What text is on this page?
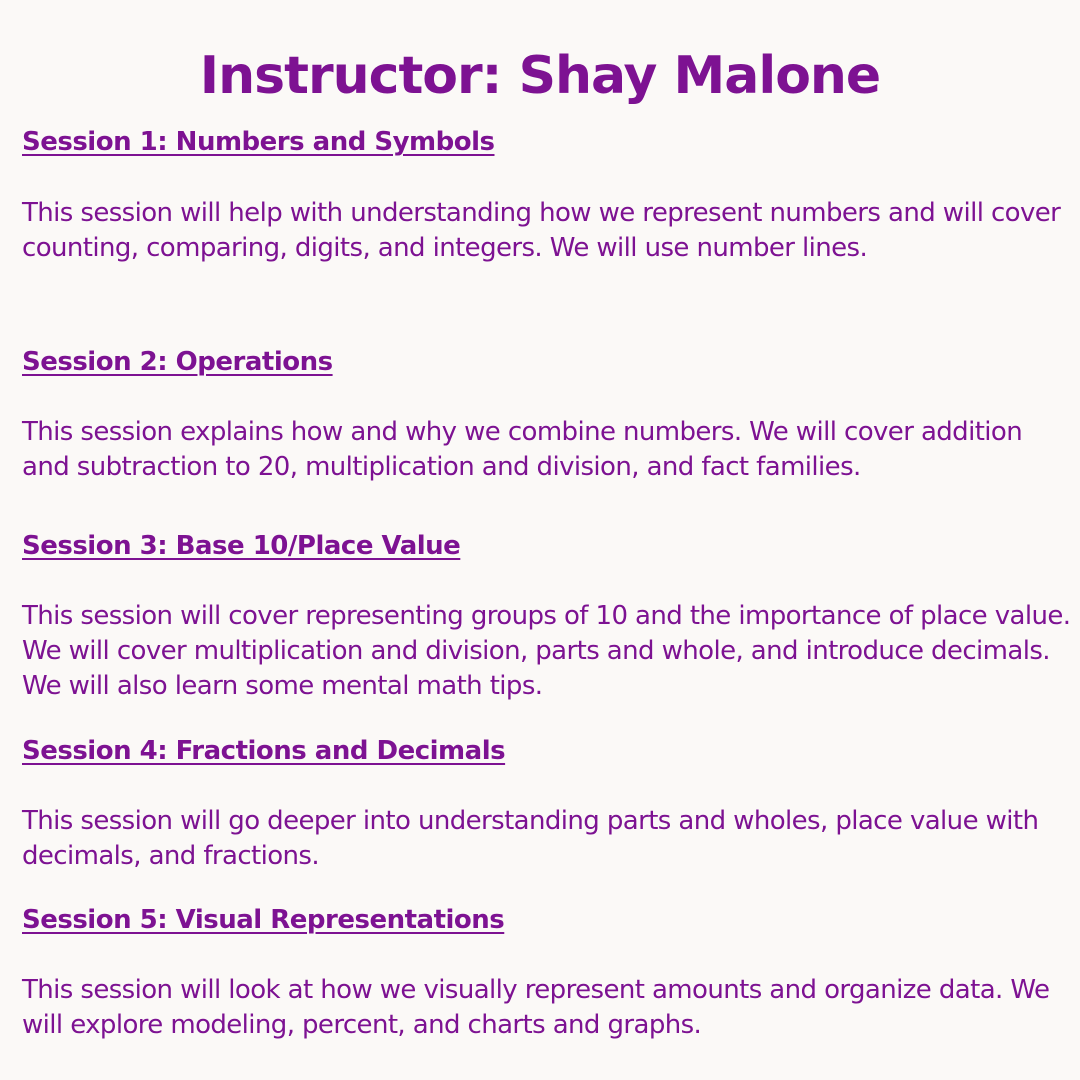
Instructor: Shay Malone
Session 1: Numbers and Symbols

This session will help with understanding how we represent numbers and will cover counting, comparing, digits, and integers. We will use number lines.

Session 2: Operations

This session explains how and why we combine numbers. We will cover addition and subtraction to 20, multiplication and division, and fact families.

Session 3: Base 10/Place Value

This session will cover representing groups of 10 and the importance of place value. We will cover multiplication and division, parts and whole, and introduce decimals. We will also learn some mental math tips.

Session 4: Fractions and Decimals

This session will go deeper into understanding parts and wholes, place value with decimals, and fractions.

Session 5: Visual Representations

This session will look at how we visually represent amounts and organize data. We will explore modeling, percent, and charts and graphs.
